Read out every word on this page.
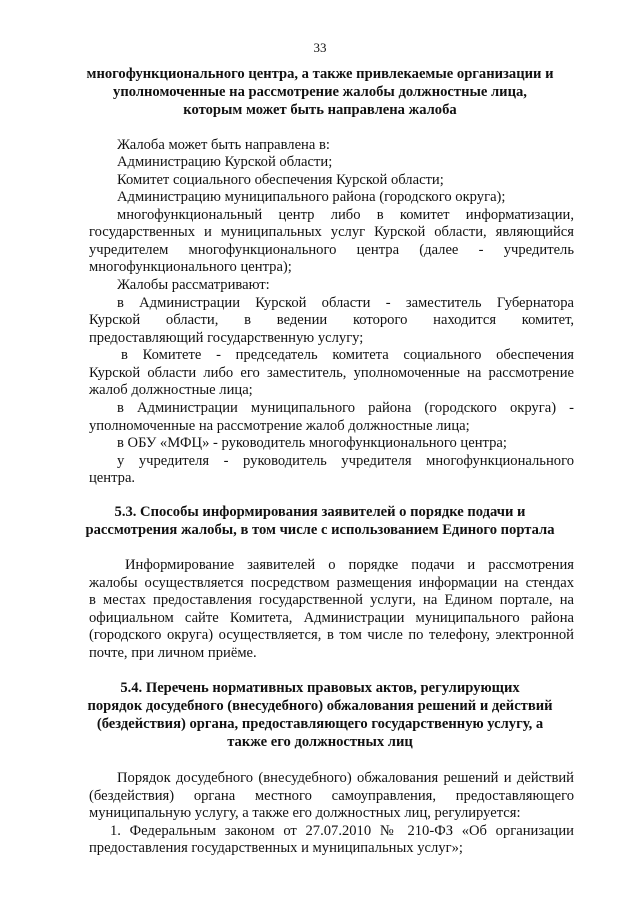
33

многофункционального центра, а также привлекаемые организации и

уполномоченные на рассмотрение жалобы должностные лица,

которым может быть направлена жалоба

Жалоба может быть направлена в:

Администрацию Курской области;

Комитет социального обеспечения Курской области;

Администрацию муниципального района (городского округа);

многофункциональный центр либо в комитет информатизации,

государственных и муниципальных услуг Курской области, являющийся

учредителем многофункционального центра (далее - учредитель

многофункционального центра);

Жалобы рассматривают:

в Администрации Курской области - заместитель Губернатора

Курской области, в ведении которого находится комитет,

предоставляющий государственную услугу;

в Комитете - председатель комитета социального обеспечения

Курской области либо его заместитель, уполномоченные на рассмотрение

жалоб должностные лица;

в Администрации муниципального района (городского округа) -

уполномоченные на рассмотрение жалоб должностные лица;

в ОБУ «МФЦ» - руководитель многофункционального центра;

у учредителя - руководитель учредителя многофункционального

центра.

5.3. Способы информирования заявителей о порядке подачи и

рассмотрения жалобы, в том числе с использованием Единого портала

Информирование заявителей о порядке подачи и рассмотрения

жалобы осуществляется посредством размещения информации на стендах

в местах предоставления государственной услуги, на Едином портале, на

официальном сайте Комитета, Администрации муниципального района

(городского округа) осуществляется, в том числе по телефону, электронной

почте, при личном приёме.

5.4. Перечень нормативных правовых актов, регулирующих

порядок досудебного (внесудебного) обжалования решений и действий

(бездействия) органа, предоставляющего государственную услугу, а

также его должностных лиц

Порядок досудебного (внесудебного) обжалования решений и действий

(бездействия) органа местного самоуправления, предоставляющего

муниципальную услугу, а также его должностных лиц, регулируется:

1. Федеральным законом от 27.07.2010 № 210-ФЗ «Об организации

предоставления государственных и муниципальных услуг»;
